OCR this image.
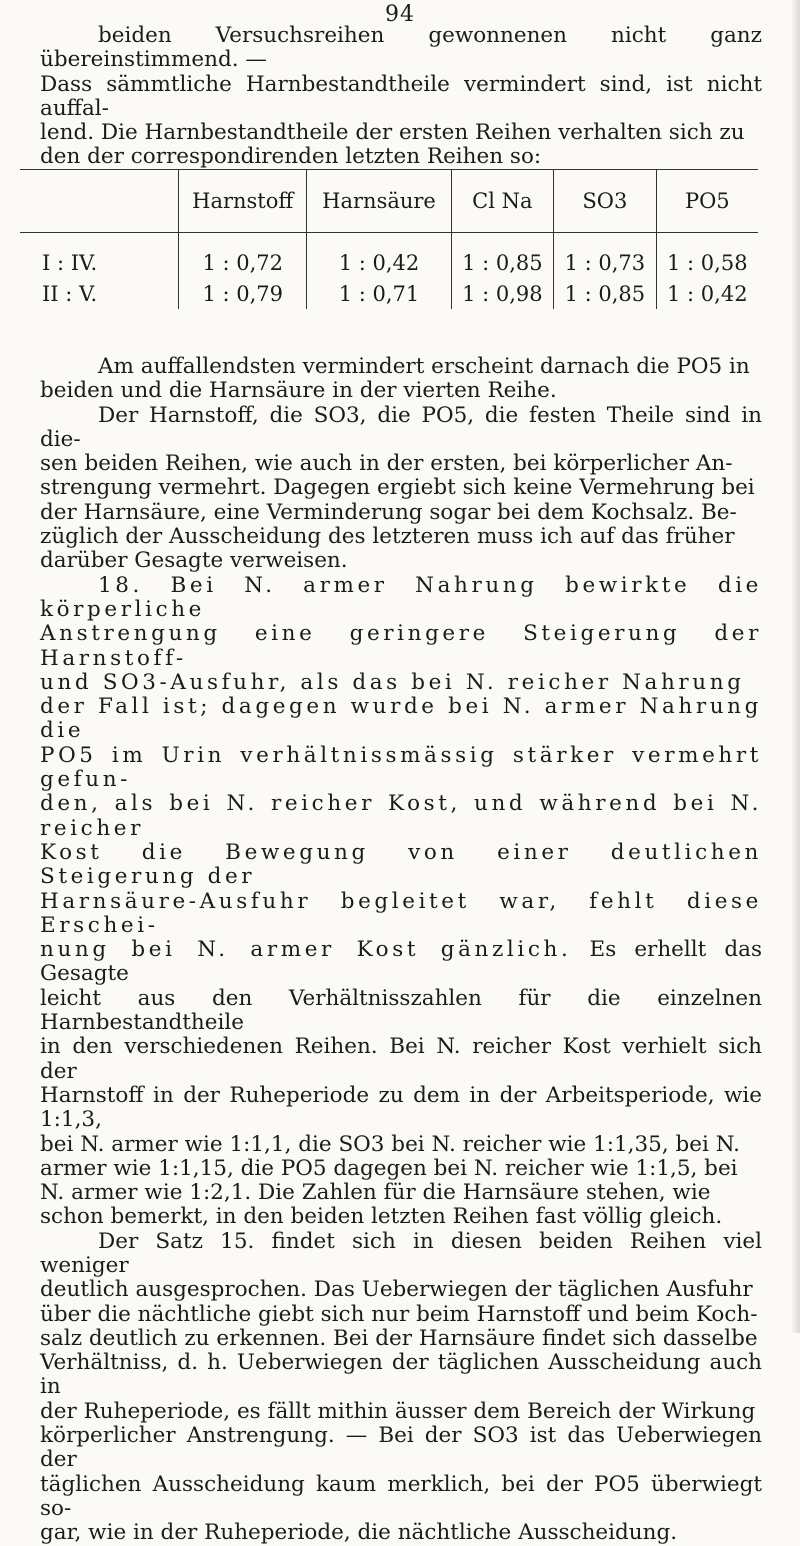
94

beiden Versuchsreihen gewonnenen nicht ganz übereinstimmend. —

Dass sämmtliche Harnbestandtheile vermindert sind, ist nicht auffal-

lend. Die Harnbestandtheile der ersten Reihen verhalten sich zu

den der correspondirenden letzten Reihen so:

	Harnstoff	Harnsäure	Cl Na	SO3	PO5
I : IV.	1 : 0,72	1 : 0,42	1 : 0,85	1 : 0,73	1 : 0,58
II : V.	1 : 0,79	1 : 0,71	1 : 0,98	1 : 0,85	1 : 0,42

Am auffallendsten vermindert erscheint darnach die PO5 in

beiden und die Harnsäure in der vierten Reihe.

Der Harnstoff, die SO3, die PO5, die festen Theile sind in die-

sen beiden Reihen, wie auch in der ersten, bei körperlicher An-

strengung vermehrt. Dagegen ergiebt sich keine Vermehrung bei

der Harnsäure, eine Verminderung sogar bei dem Kochsalz. Be-

züglich der Ausscheidung des letzteren muss ich auf das früher

darüber Gesagte verweisen.

18. Bei N. armer Nahrung bewirkte die körperliche

Anstrengung eine geringere Steigerung der Harnstoff-

und SO3-Ausfuhr, als das bei N. reicher Nahrung

der Fall ist; dagegen wurde bei N. armer Nahrung die

PO5 im Urin verhältnissmässig stärker vermehrt gefun-

den, als bei N. reicher Kost, und während bei N. reicher

Kost die Bewegung von einer deutlichen Steigerung der

Harnsäure-Ausfuhr begleitet war, fehlt diese Erschei-

nung bei N. armer Kost gänzlich. Es erhellt das Gesagte

leicht aus den Verhältnisszahlen für die einzelnen Harnbestandtheile

in den verschiedenen Reihen. Bei N. reicher Kost verhielt sich der

Harnstoff in der Ruheperiode zu dem in der Arbeitsperiode, wie 1:1,3,

bei N. armer wie 1:1,1, die SO3 bei N. reicher wie 1:1,35, bei N.

armer wie 1:1,15, die PO5 dagegen bei N. reicher wie 1:1,5, bei

N. armer wie 1:2,1. Die Zahlen für die Harnsäure stehen, wie

schon bemerkt, in den beiden letzten Reihen fast völlig gleich.

Der Satz 15. findet sich in diesen beiden Reihen viel weniger

deutlich ausgesprochen. Das Ueberwiegen der täglichen Ausfuhr

über die nächtliche giebt sich nur beim Harnstoff und beim Koch-

salz deutlich zu erkennen. Bei der Harnsäure findet sich dasselbe

Verhältniss, d. h. Ueberwiegen der täglichen Ausscheidung auch in

der Ruheperiode, es fällt mithin äusser dem Bereich der Wirkung

körperlicher Anstrengung. — Bei der SO3 ist das Ueberwiegen der

täglichen Ausscheidung kaum merklich, bei der PO5 überwiegt so-

gar, wie in der Ruheperiode, die nächtliche Ausscheidung.
